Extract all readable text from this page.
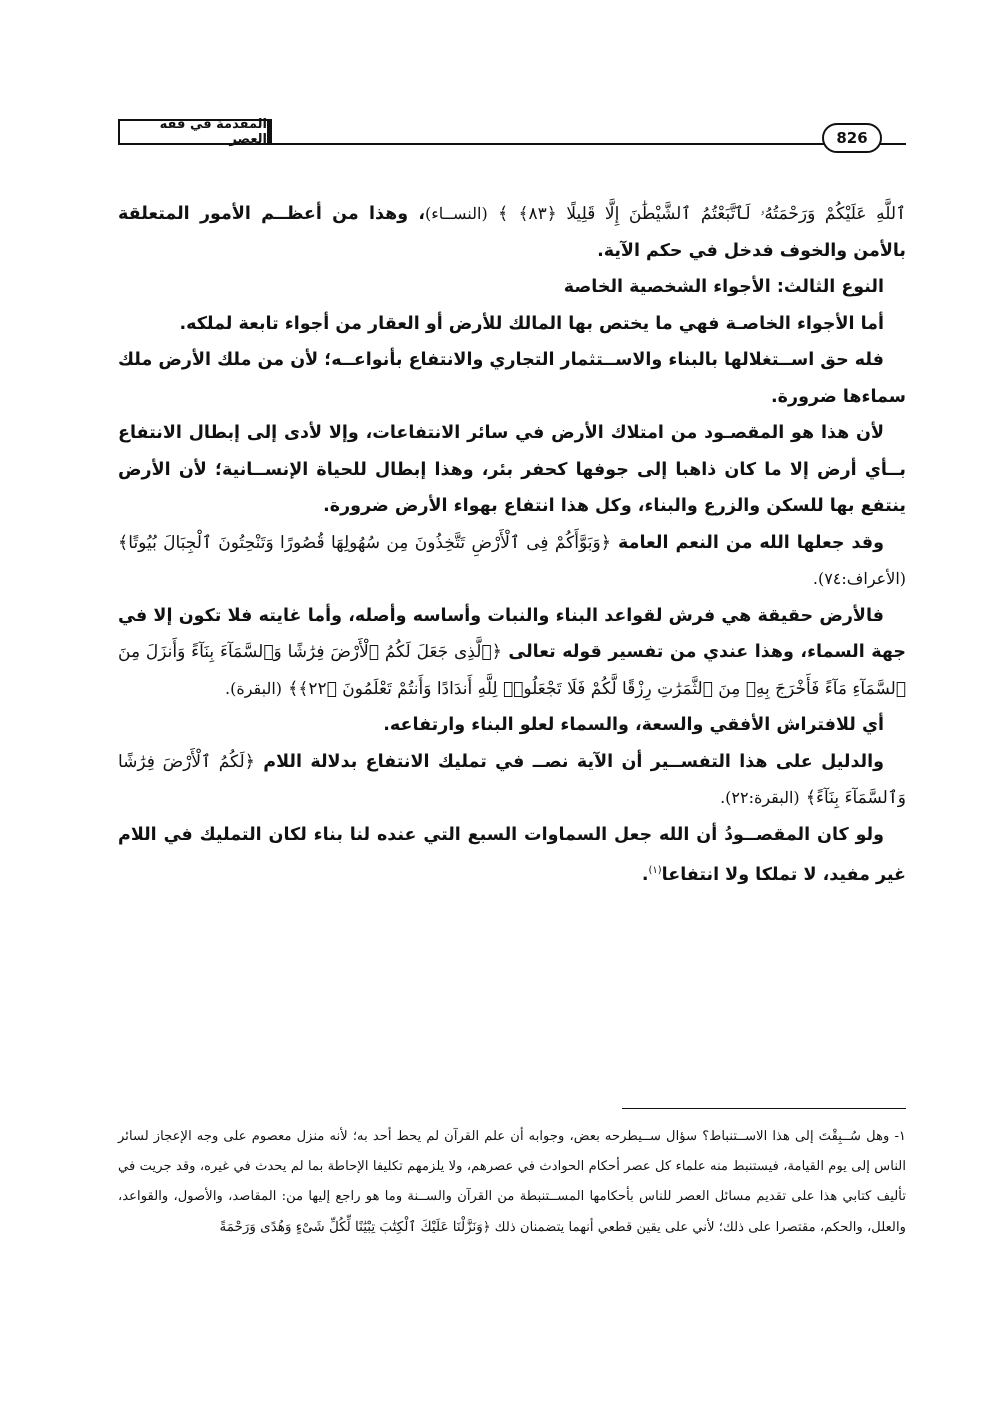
المقدمة في فقه العصر	826

ٱللَّهِ عَلَيْكُمْ وَرَحْمَتُهُۥ لَٱتَّبَعْتُمُ ٱلشَّيْطَٰنَ إِلَّا قَلِيلًا ﴿٨٣﴾ ﴾ (النســاء)، وهذا من أعظــم الأمور المتعلقة بالأمن والخوف فدخل في حكم الآية.

النوع الثالث: الأجواء الشخصية الخاصة

أما الأجواء الخاصـة فهي ما يختص بها المالك للأرض أو العقار من أجواء تابعة لملكه.

فله حق اســتغلالها بالبناء والاســتثمار التجاري والانتفاع بأنواعــه؛ لأن من ملك الأرض ملك سماءها ضرورة.

لأن هذا هو المقصـود من امتلاك الأرض في سائر الانتفاعات، وإلا لأدى إلى إبطال الانتفاع بــأي أرض إلا ما كان ذاهبا إلى جوفها كحفر بئر، وهذا إبطال للحياة الإنســانية؛ لأن الأرض ينتفع بها للسكن والزرع والبناء، وكل هذا انتفاع بهواء الأرض ضرورة.

وقد جعلها الله من النعم العامة ﴿وَبَوَّأَكُمْ فِى ٱلْأَرْضِ تَتَّخِذُونَ مِن سُهُولِهَا قُصُورًا وَتَنْحِتُونَ ٱلْجِبَالَ بُيُوتًا﴾ (الأعراف:٧٤).

فالأرض حقيقة هي فرش لقواعد البناء والنبات وأساسه وأصله، وأما غايته فلا تكون إلا في جهة السماء، وهذا عندي من تفسير قوله تعالى ﴿ٱلَّذِى جَعَلَ لَكُمُ ٱلْأَرْضَ فِرَٰشًا وَٱلسَّمَآءَ بِنَآءً وَأَنزَلَ مِنَ ٱلسَّمَآءِ مَآءً فَأَخْرَجَ بِهِۦ مِنَ ٱلثَّمَرَٰتِ رِزْقًا لَّكُمْ فَلَا تَجْعَلُوا۟ لِلَّهِ أَندَادًا وَأَنتُمْ تَعْلَمُونَ ﴿٢٢﴾﴾ (البقرة).

أي للافتراش الأفقي والسعة، والسماء لعلو البناء وارتفاعه.

والدليل على هذا التفســير أن الآية نصــ في تمليك الانتفاع بدلالة اللام ﴿لَكُمُ ٱلْأَرْضَ فِرَٰشًا وَٱلسَّمَآءَ بِنَآءً﴾ (البقرة:٢٢).

ولو كان المقصــودُ أن الله جعل السماوات السبع التي عنده لنا بناء لكان التمليك في اللام غير مفيد، لا تملكا ولا انتفاعا$^{(١)}$.

١- وهل سُــبِقْتَ إلى هذا الاســتنباط؟ سؤال ســيطرحه بعض، وجوابه أن علم القرآن لم يحط أحد به؛ لأنه منزل معصوم على وجه الإعجاز لسائر الناس إلى يوم القيامة، فيستنبط منه علماء كل عصر أحكام الحوادث في عصرهم، ولا يلزمهم تكليفا الإحاطة بما لم يحدث في غيره، وقد جريت في تأليف كتابي هذا على تقديم مسائل العصر للناس بأحكامها المســتنبطة من القرآن والســنة وما هو راجع إليها من: المقاصد، والأصول، والقواعد، والعلل، والحكم، مقتصرا على ذلك؛ لأني على يقين قطعي أنهما يتضمنان ذلك ﴿وَنَزَّلْنَا عَلَيْكَ ٱلْكِتَٰبَ تِبْيَٰنًا لِّكُلِّ شَىْءٍ وَهُدًى وَرَحْمَةً
